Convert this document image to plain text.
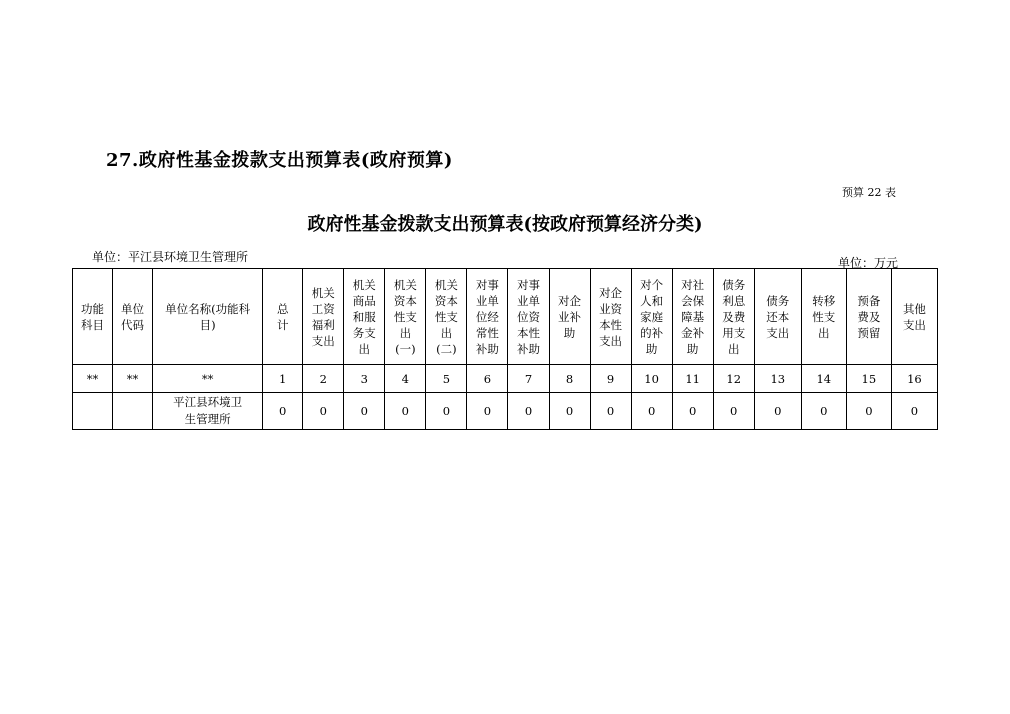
27.政府性基金拨款支出预算表(政府预算)
预算 22 表
政府性基金拨款支出预算表(按政府预算经济分类)
单位：平江县环境卫生管理所	单位：万元
功能科目	单位代码	单位名称(功能科目)	总计	机关工资福利支出	机关商品和服务支出	机关资本性支出(一)	机关资本性支出(二)	对事业单位经常性补助	对事业单位资本性补助	对企业补助	对企业资本性支出	对个人和家庭的补助	对社会保障基金补助	债务利息及费用支出	债务还本支出	转移性支出	预备费及预留	其他支出
**	**	**	1	2	3	4	5	6	7	8	9	10	11	12	13	14	15	16
		平江县环境卫生管理所	0	0	0	0	0	0	0	0	0	0	0	0	0	0	0	0
